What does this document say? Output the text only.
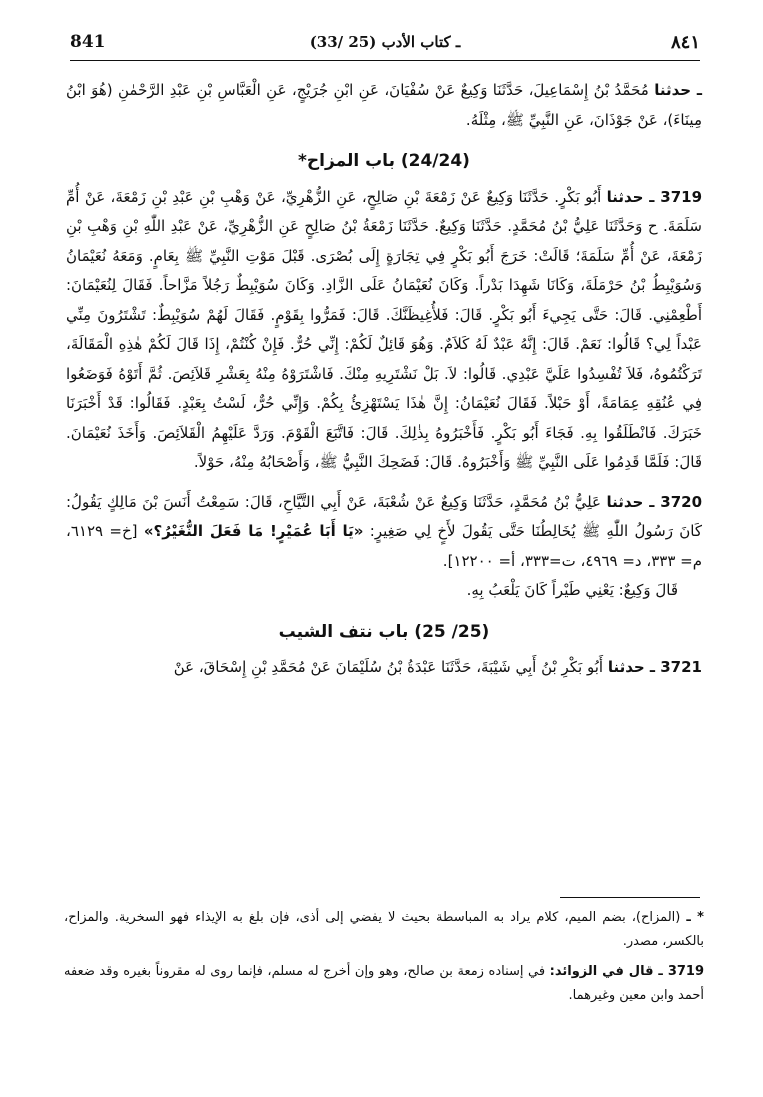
841	(33/ 25) ـ كتاب الأدب	٨٤١

ـ حدثنا مُحَمَّدُ بْنُ إِسْمَاعِيلَ، حَدَّثَنَا وَكِيعٌ عَنْ سُفْيَانَ، عَنِ ابْنِ جُرَيْجٍ، عَنِ الْعَبَّاسِ بْنِ عَبْدِ الرَّحْمٰنِ (هُوَ ابْنُ مِينَاءَ)، عَنْ جَوْذَانَ، عَنِ النَّبِيِّ ﷺ، مِثْلَهُ.

(24/24) باب المزاح*

3719 ـ حدثنا أَبُو بَكْرٍ. حَدَّثَنَا وَكِيعٌ عَنْ زَمْعَةَ بْنِ صَالِحٍ، عَنِ الزُّهْرِيِّ، عَنْ وَهْبِ بْنِ عَبْدِ بْنِ زَمْعَةَ، عَنْ أُمِّ سَلَمَةَ. ح وَحَدَّثَنَا عَلِيُّ بْنُ مُحَمَّدٍ. حَدَّثَنَا وَكِيعٌ. حَدَّثَنَا زَمْعَةُ بْنُ صَالِحٍ عَنِ الزُّهْرِيِّ، عَنْ عَبْدِ اللّٰهِ بْنِ وَهْبِ بْنِ زَمْعَةَ، عَنْ أُمِّ سَلَمَةَ؛ قَالَتْ: خَرَجَ أَبُو بَكْرٍ فِي تِجَارَةٍ إِلَى بُصْرَى. قَبْلَ مَوْتِ النَّبِيِّ ﷺ بِعَامٍ. وَمَعَهُ نُعَيْمَانُ وَسُوَيْبِطُ بْنُ حَرْمَلَةَ، وَكَانَا شَهِدَا بَدْراً. وَكَانَ نُعَيْمَانُ عَلَى الزَّادِ. وَكَانَ سُوَيْبِطٌ رَجُلاً مَزَّاحاً. فَقَالَ لِنُعَيْمَانَ: أَطْعِمْنِي. قَالَ: حَتَّى يَجِيءَ أَبُو بَكْرٍ. قَالَ: فَلأُغِيظَنَّكَ. قَالَ: فَمَرُّوا بِقَوْمٍ. فَقَالَ لَهُمْ سُوَيْبِطٌ: تَشْتَرُونَ مِنِّي عَبْداً لِي؟ قَالُوا: نَعَمْ. قَالَ: إِنَّهُ عَبْدٌ لَهُ كَلاَمٌ. وَهُوَ قَائِلٌ لَكُمْ: إِنِّي حُرٌّ. فَإِنْ كُنْتُمْ، إِذَا قَالَ لَكُمْ هٰذِهِ الْمَقَالَةَ، تَرَكْتُمُوهُ، فَلاَ تُفْسِدُوا عَلَيَّ عَبْدِي. قَالُوا: لاَ. بَلْ نَشْتَرِيهِ مِنْكَ. فَاشْتَرَوْهُ مِنْهُ بِعَشْرِ قَلاَئِصَ. ثُمَّ أَتَوْهُ فَوَضَعُوا فِي عُنُقِهِ عِمَامَةً، أَوْ حَبْلاً. فَقَالَ نُعَيْمَانُ: إِنَّ هٰذَا يَسْتَهْزِئُ بِكُمْ. وَإِنِّي حُرٌّ، لَسْتُ بِعَبْدٍ. فَقَالُوا: قَدْ أَخْبَرَنَا خَبَرَكَ. فَانْطَلَقُوا بِهِ. فَجَاءَ أَبُو بَكْرٍ. فَأَخْبَرُوهُ بِذٰلِكَ. قَالَ: فَاتَّبَعَ الْقَوْمَ. وَرَدَّ عَلَيْهِمُ الْقَلاَئِصَ. وَأَخَذَ نُعَيْمَانَ. قَالَ: فَلَمَّا قَدِمُوا عَلَى النَّبِيِّ ﷺ وَأَخْبَرُوهُ. قَالَ: فَضَحِكَ النَّبِيُّ ﷺ، وَأَصْحَابُهُ مِنْهُ، حَوْلاً.

3720 ـ حدثنا عَلِيُّ بْنُ مُحَمَّدٍ، حَدَّثَنَا وَكِيعٌ عَنْ شُعْبَةَ، عَنْ أَبِي التَّيَّاحِ، قَالَ: سَمِعْتُ أَنَسَ بْنَ مَالِكٍ يَقُولُ: كَانَ رَسُولُ اللّٰهِ ﷺ يُخَالِطُنَا حَتَّى يَقُولَ لأَخٍ لِي صَغِيرٍ: «يَا أَبَا عُمَيْرٍ! مَا فَعَلَ النُّغَيْرُ؟» [خ= ٦١٢٩، م= ٣٣٣، د= ٤٩٦٩، ت=٣٣٣، أ= ١٢٢٠٠].

قَالَ وَكِيعٌ: يَعْنِي طَيْراً كَانَ يَلْعَبُ بِهِ.

(25/ 25) باب نتف الشيب

3721 ـ حدثنا أَبُو بَكْرِ بْنُ أَبِي شَيْبَةَ، حَدَّثَنَا عَبْدَةُ بْنُ سُلَيْمَانَ عَنْ مُحَمَّدِ بْنِ إِسْحَاقَ، عَنْ

* ـ (المزاح)، بضم الميم، كلام يراد به المباسطة بحيث لا يفضي إلى أذى، فإن بلغ به الإيذاء فهو السخرية. والمزاح، بالكسر، مصدر.

3719 ـ قال في الزوائد: في إسناده زمعة بن صالح، وهو وإن أخرج له مسلم، فإنما روى له مقروناً بغيره وقد ضعفه أحمد وابن معين وغيرهما.
